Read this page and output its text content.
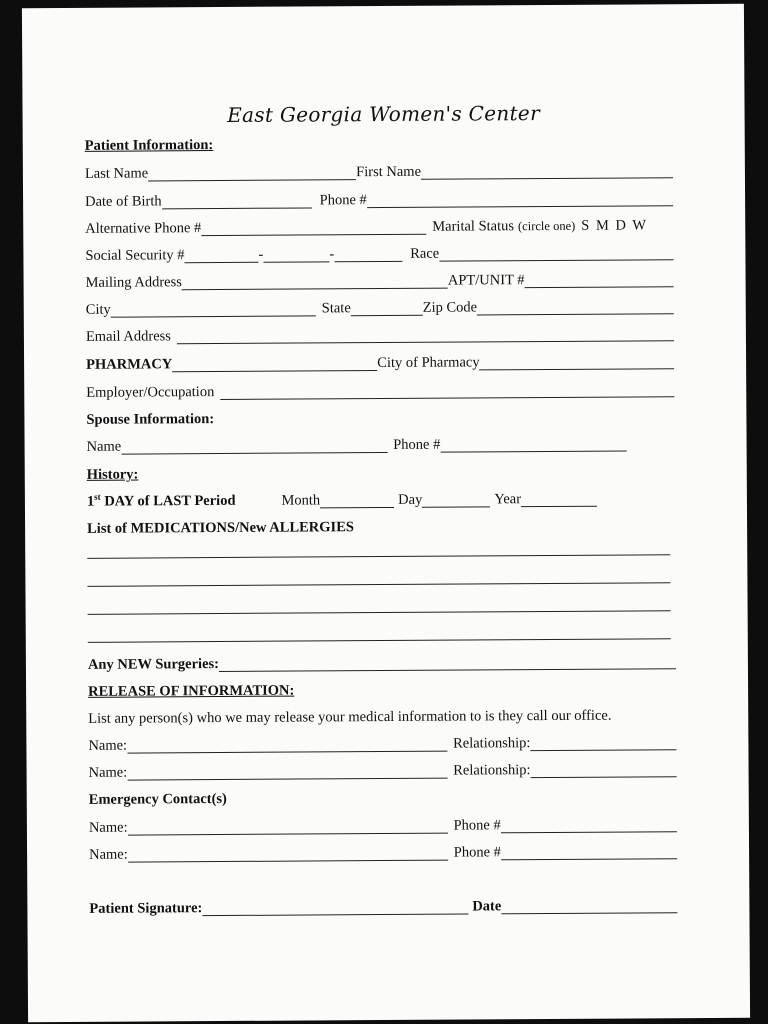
East Georgia Women's Center
Patient Information:
Last Name	First Name
Date of Birth	Phone #
Alternative Phone #	Marital Status (circle one) S M D W
Social Security #	-	-	Race
Mailing Address	APT/UNIT #
City	State	Zip Code
Email Address
PHARMACY	City of Pharmacy
Employer/Occupation
Spouse Information:
Name	Phone #
History:
1st DAY of LAST Period	Month	Day	Year
List of MEDICATIONS/New ALLERGIES
Any NEW Surgeries:
RELEASE OF INFORMATION:
List any person(s) who we may release your medical information to is they call our office.
Name:	Relationship:
Name:	Relationship:
Emergency Contact(s)
Name:	Phone #
Name:	Phone #
Patient Signature:	Date
